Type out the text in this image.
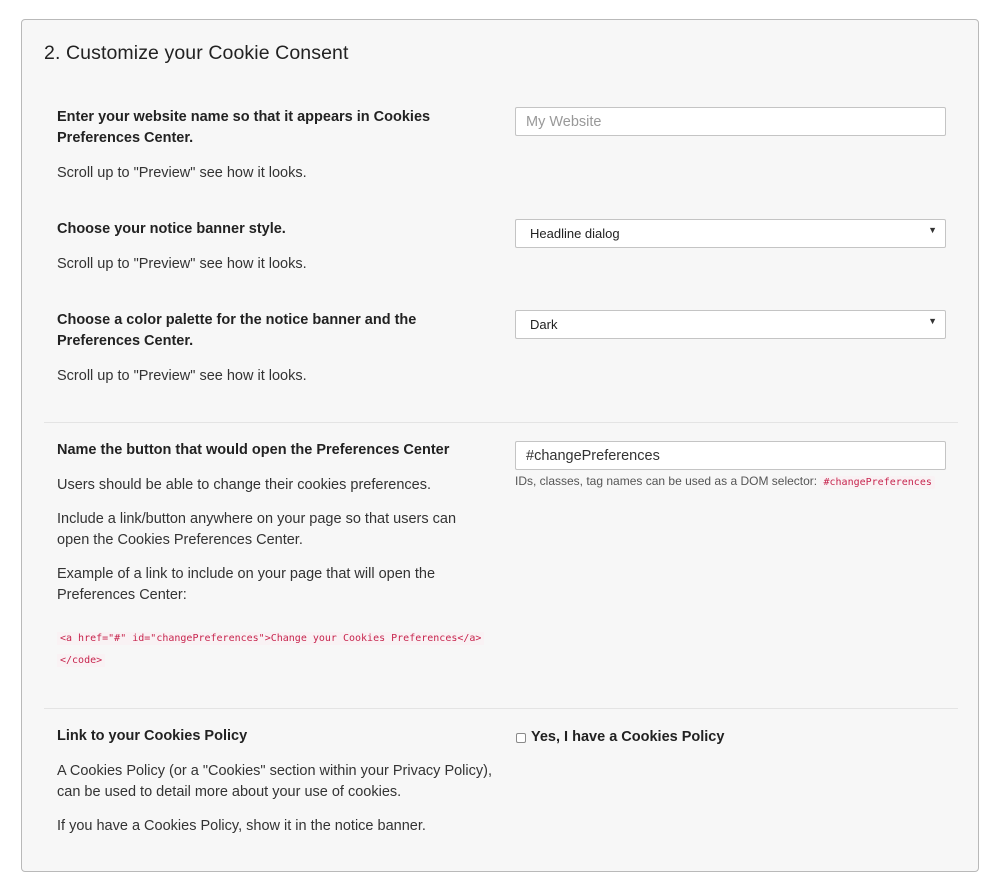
2. Customize your Cookie Consent

Enter your website name so that it appears in Cookies Preferences Center.

Scroll up to "Preview" see how it looks.

My Website

Choose your notice banner style.

Scroll up to "Preview" see how it looks.

Headline dialog	▼

Choose a color palette for the notice banner and the Preferences Center.

Scroll up to "Preview" see how it looks.

Dark	▼

Name the button that would open the Preferences Center

Users should be able to change their cookies preferences.

Include a link/button anywhere on your page so that users can open the Cookies Preferences Center.

Example of a link to include on your page that will open the Preferences Center:

<a href="#" id="changePreferences">Change your Cookies Preferences</a>
</code>
#changePreferences
IDs, classes, tag names can be used as a DOM selector: #changePreferences

Link to your Cookies Policy

A Cookies Policy (or a "Cookies" section within your Privacy Policy), can be used to detail more about your use of cookies.

If you have a Cookies Policy, show it in the notice banner.

Yes, I have a Cookies Policy
